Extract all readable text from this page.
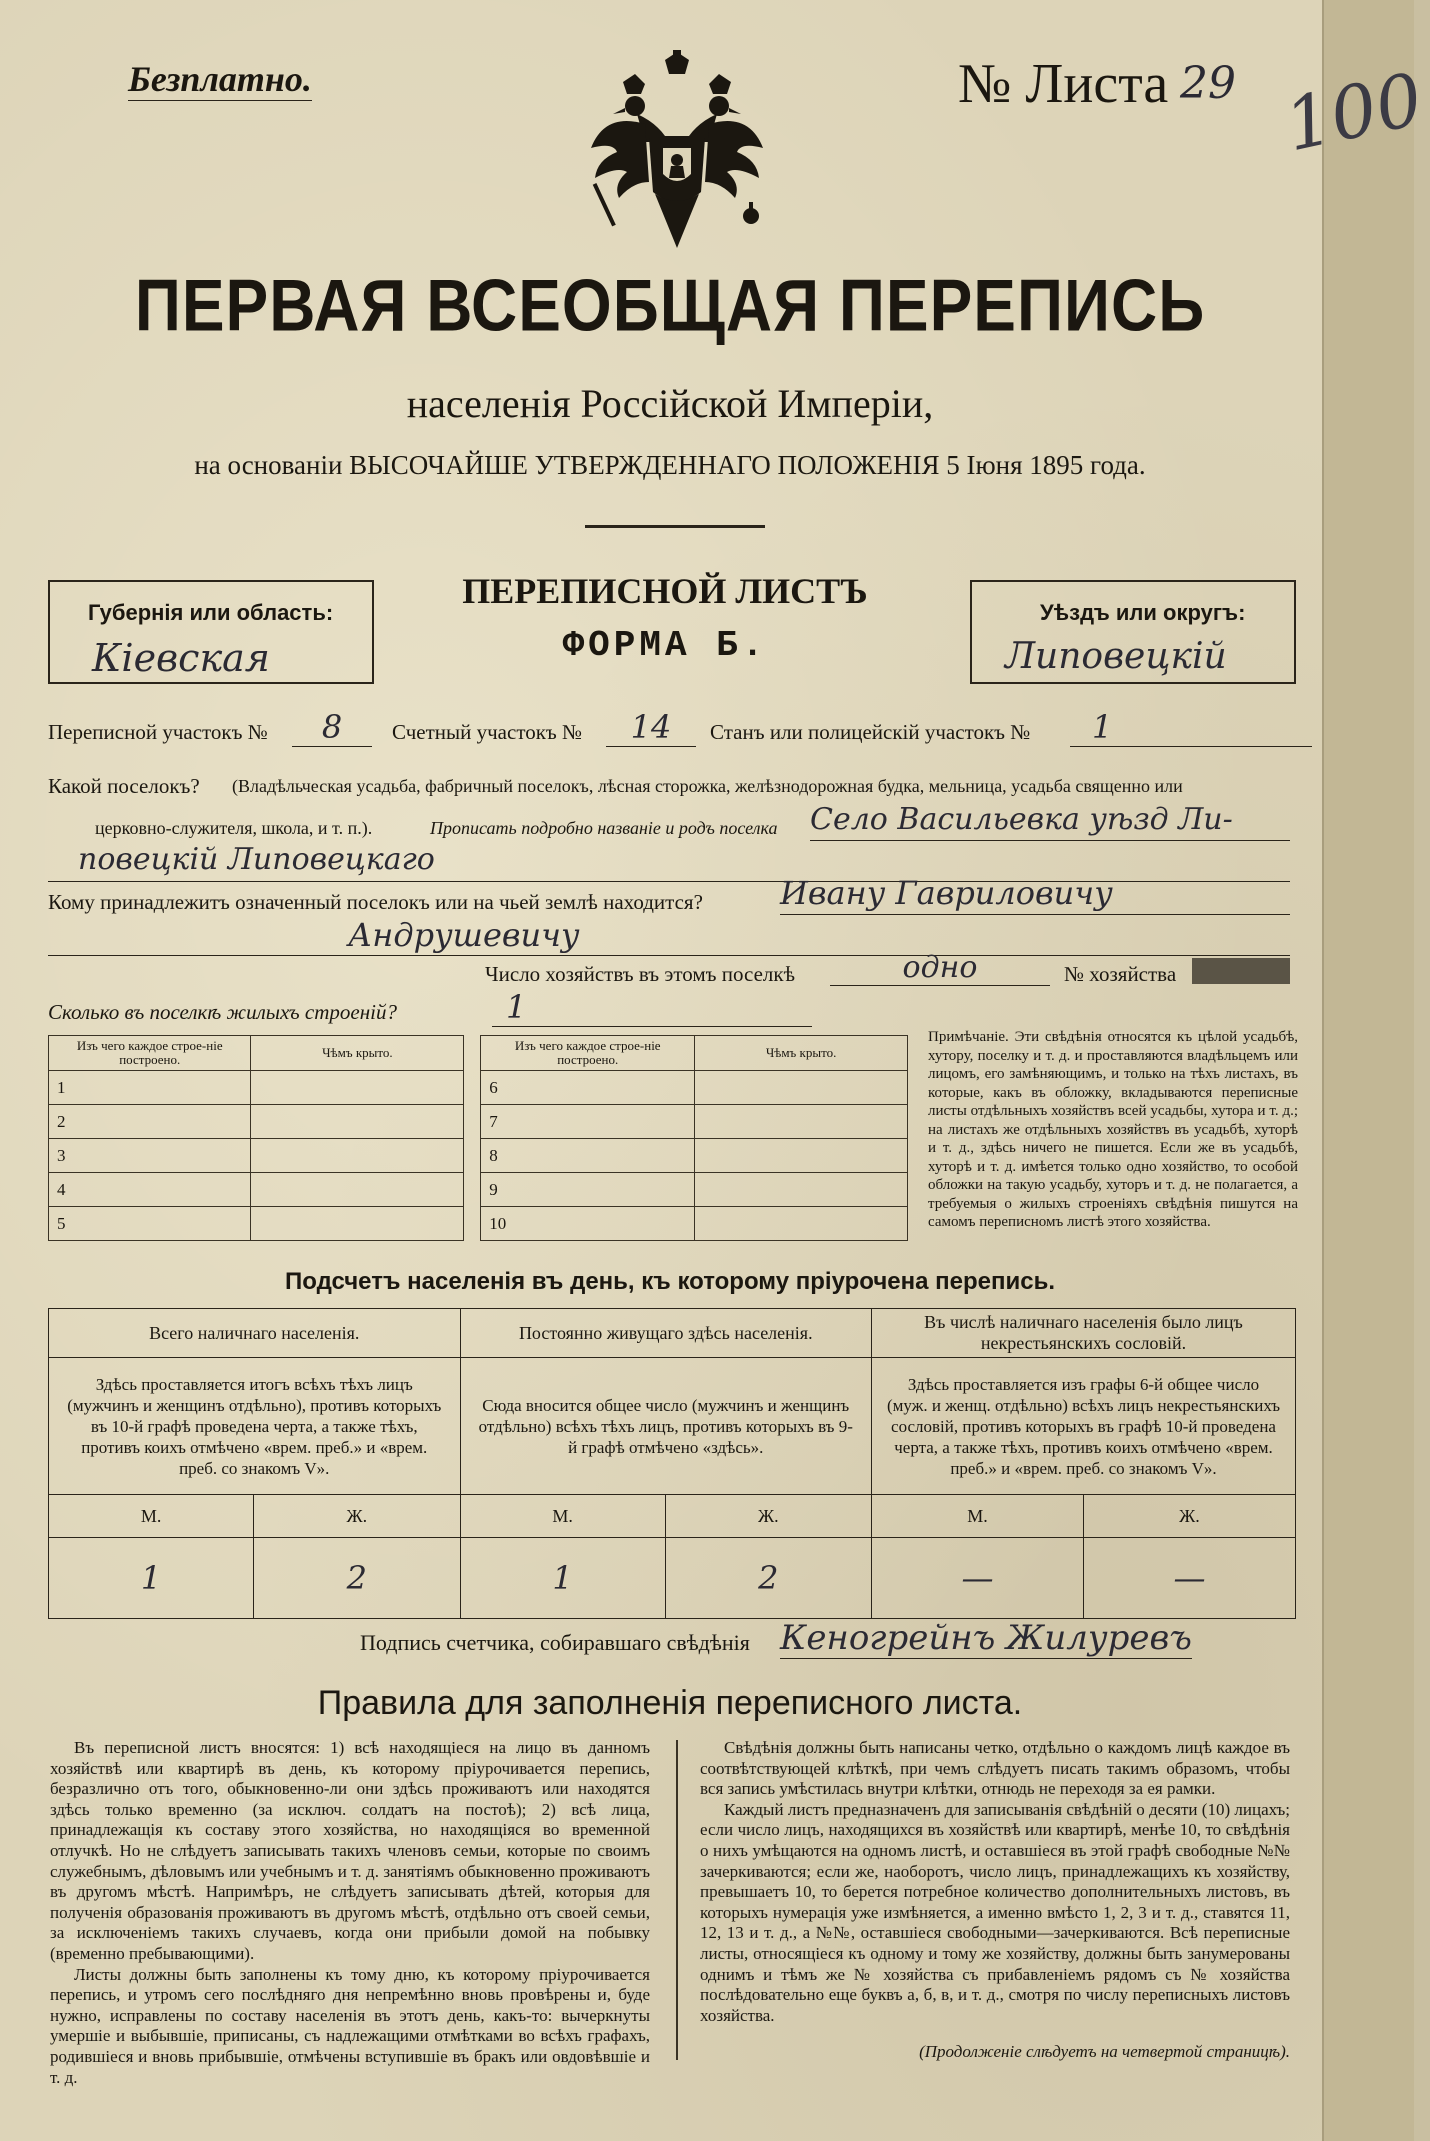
Безплатно.	№ Листа 29 100
ПЕРВАЯ ВСЕОБЩАЯ ПЕРЕПИСЬ
населенія Россійской Имперіи,
на основаніи ВЫСОЧАЙШЕ УТВЕРЖДЕННАГО ПОЛОЖЕНІЯ 5 Іюня 1895 года.
Губернія или область:
Кіевская
ПЕРЕПИСНОЙ ЛИСТЪ
ФОРМА Б.
Уѣздъ или округъ:
Липовецкій
Переписной участокъ №	8	Счетный участокъ №	14	Станъ или полицейскій участокъ №	1
Какой поселокъ? (Владѣльческая усадьба, фабричный поселокъ, лѣсная сторожка, желѣзнодорожная будка, мельница, усадьба священно или
церковно-служителя, школа, и т. п.).	Прописать подробно названіе и родъ поселка Село Васильевка уѣзд Ли-
повецкій Липовецкаго
Кому принадлежитъ означенный поселокъ или на чьей землѣ находится? Ивану Гавриловичу
Андрушевичу
Число хозяйствъ въ этомъ поселкѣ	одно	№ хозяйства
Сколько въ поселкѣ жилыхъ строеній?	1
Изъ чего каждое строе-ніе построено.	Чѣмъ крыто.		Изъ чего каждое строе-ніе построено.	Чѣмъ крыто.
1			6	
2			7	
3			8	
4			9	
5			10	
Примѣчаніе. Эти свѣдѣнія относятся къ цѣлой усадьбѣ, хутору, поселку и т. д. и проставляются владѣльцемъ или лицомъ, его замѣняющимъ, и только на тѣхъ листахъ, въ которые, какъ въ обложку, вкладываются переписные листы отдѣльныхъ хозяйствъ всей усадьбы, хутора и т. д.; на листахъ же отдѣльныхъ хозяйствъ въ усадьбѣ, хуторѣ и т. д., здѣсь ничего не пишется. Если же въ усадьбѣ, хуторѣ и т. д. имѣется только одно хозяйство, то особой обложки на такую усадьбу, хуторъ и т. д. не полагается, а требуемыя о жилыхъ строеніяхъ свѣдѣнія пишутся на самомъ переписномъ листѣ этого хозяйства.
Подсчетъ населенія въ день, къ которому пріурочена перепись.
Всего наличнаго населенія.		Постоянно живущаго здѣсь населенія.		Въ числѣ наличнаго населенія было лицъ некрестьянскихъ сословій.	
Здѣсь проставляется итогъ всѣхъ тѣхъ лицъ (мужчинъ и женщинъ отдѣльно), противъ которыхъ въ 10-й графѣ проведена черта, а также тѣхъ, противъ коихъ отмѣчено «врем. преб.» и «врем. преб. со знакомъ V».		Сюда вносится общее число (мужчинъ и женщинъ отдѣльно) всѣхъ тѣхъ лицъ, противъ которыхъ въ 9-й графѣ отмѣчено «здѣсь».		Здѣсь проставляется изъ графы 6-й общее число (муж. и женщ. отдѣльно) всѣхъ лицъ некрестьянскихъ сословій, противъ которыхъ въ графѣ 10-й проведена черта, а также тѣхъ, противъ коихъ отмѣчено «врем. преб.» и «врем. преб. со знакомъ V».	
М.	Ж.	М.	Ж.	М.	Ж.
1	2	1	2	—	—
Подпись счетчика, собиравшаго свѣдѣнія Кеногрейнъ Жилуревъ
Правила для заполненія переписного листа.
Въ переписной листъ вносятся: 1) всѣ находящіеся на лицо въ данномъ хозяйствѣ или квартирѣ въ день, къ которому пріурочивается перепись, безразлично отъ того, обыкновенно-ли они здѣсь проживаютъ или находятся здѣсь только временно (за исключ. солдатъ на постоѣ); 2) всѣ лица, принадлежащія къ составу этого хозяйства, но находящіяся во временной отлучкѣ. Но не слѣдуетъ записывать такихъ членовъ семьи, которые по своимъ служебнымъ, дѣловымъ или учебнымъ и т. д. занятіямъ обыкновенно проживаютъ въ другомъ мѣстѣ. Напримѣръ, не слѣдуетъ записывать дѣтей, которыя для полученія образованія проживаютъ въ другомъ мѣстѣ, отдѣльно отъ своей семьи, за исключеніемъ такихъ случаевъ, когда они прибыли домой на побывку (временно пребывающими).
Листы должны быть заполнены къ тому дню, къ которому пріурочивается перепись, и утромъ сего послѣдняго дня непремѣнно вновь провѣрены и, буде нужно, исправлены по составу населенія въ этотъ день, какъ-то: вычеркнуты умершіе и выбывшіе, приписаны, съ надлежащими отмѣтками во всѣхъ графахъ, родившіеся и вновь прибывшіе, отмѣчены вступившіе въ бракъ или овдовѣвшіе и т. д.
Свѣдѣнія должны быть написаны четко, отдѣльно о каждомъ лицѣ каждое въ соотвѣтствующей клѣткѣ, при чемъ слѣдуетъ писать такимъ образомъ, чтобы вся запись умѣстилась внутри клѣтки, отнюдь не переходя за ея рамки.
Каждый листъ предназначенъ для записыванія свѣдѣній о десяти (10) лицахъ; если число лицъ, находящихся въ хозяйствѣ или квартирѣ, менѣе 10, то свѣдѣнія о нихъ умѣщаются на одномъ листѣ, и оставшіеся въ этой графѣ свободные №№ зачеркиваются; если же, наоборотъ, число лицъ, принадлежащихъ къ хозяйству, превышаетъ 10, то берется потребное количество дополнительныхъ листовъ, въ которыхъ нумерація уже измѣняется, а именно вмѣсто 1, 2, 3 и т. д., ставятся 11, 12, 13 и т. д., а №№, оставшіеся свободными—зачеркиваются. Всѣ переписные листы, относящіеся къ одному и тому же хозяйству, должны быть занумерованы однимъ и тѣмъ же № хозяйства съ прибавленіемъ рядомъ съ № хозяйства послѣдовательно еще буквъ а, б, в, и т. д., смотря по числу переписныхъ листовъ хозяйства.
(Продолженіе слѣдуетъ на четвертой страницѣ).
